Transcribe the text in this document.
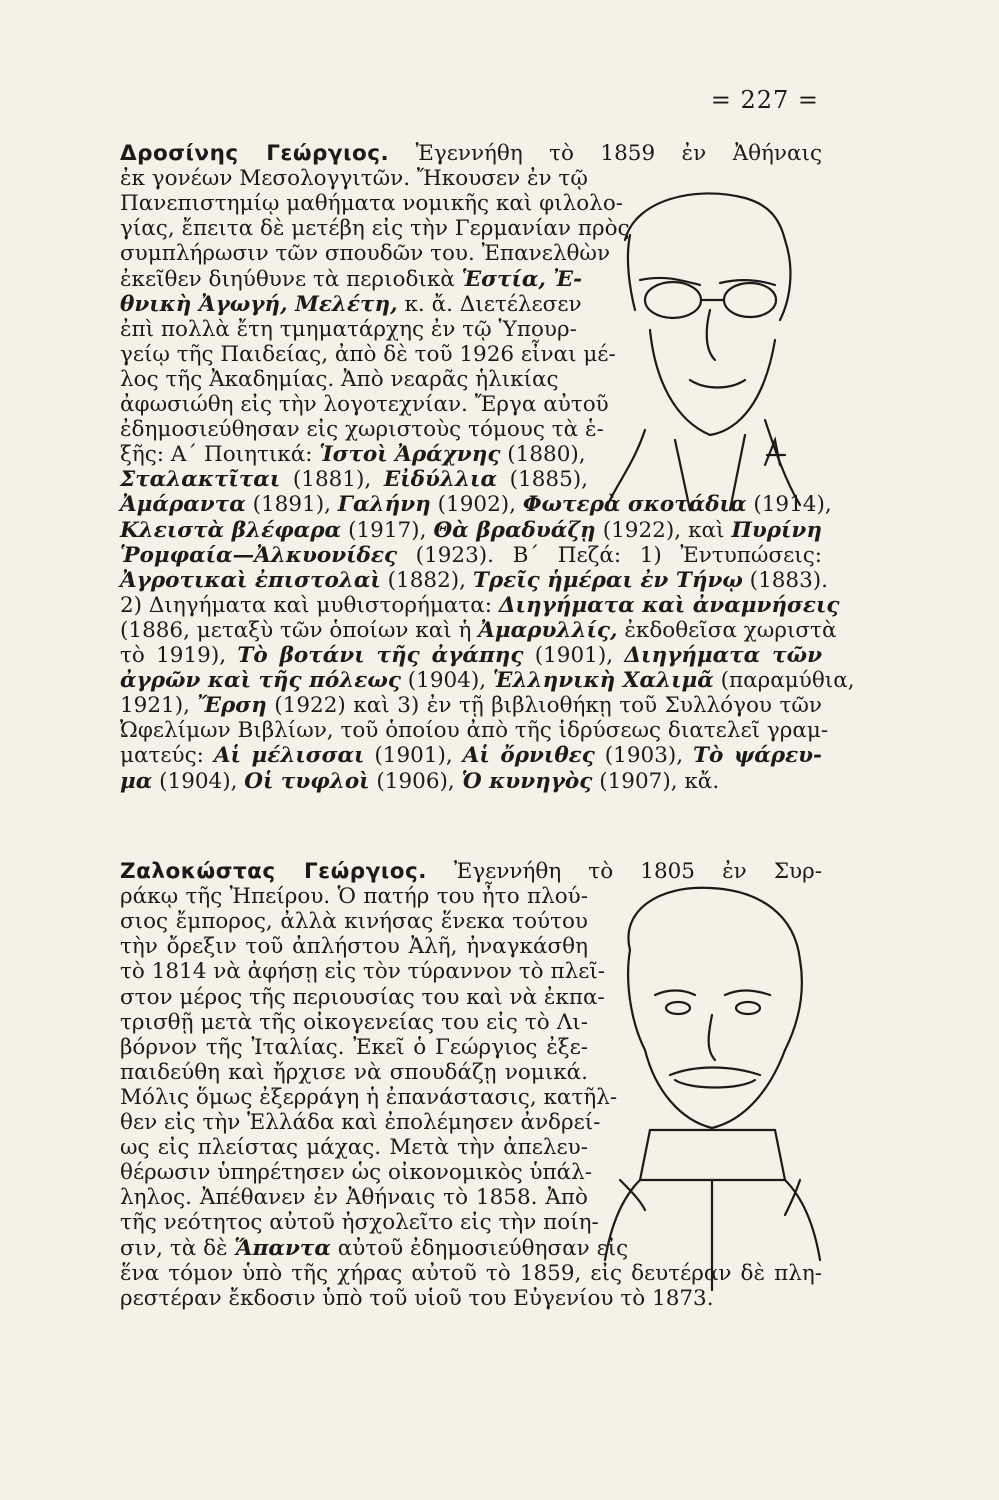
= 227 =
Δροσίνης Γεώργιος. Ἐγεννήθη τὸ 1859 ἐν Ἀθήναις
ἐκ γονέων Μεσολογγιτῶν. Ἤκουσεν ἐν τῷ
Πανεπιστημίῳ μαθήματα νομικῆς καὶ φιλολο-
γίας, ἔπειτα δὲ μετέβη εἰς τὴν Γερμανίαν πρὸς
συμπλήρωσιν τῶν σπουδῶν του. Ἐπανελθὼν
ἐκεῖθεν διηύθυνε τὰ περιοδικὰ Ἑστία, Ἐ-
θνικὴ Ἀγωγή, Μελέτη, κ. ἄ. Διετέλεσεν
ἐπὶ πολλὰ ἔτη τμηματάρχης ἐν τῷ Ὑπουρ-
γείῳ τῆς Παιδείας, ἀπὸ δὲ τοῦ 1926 εἶναι μέ-
λος τῆς Ἀκαδημίας. Ἀπὸ νεαρᾶς ἡλικίας
ἀφωσιώθη εἰς τὴν λογοτεχνίαν. Ἔργα αὐτοῦ
ἐδημοσιεύθησαν εἰς χωριστοὺς τόμους τὰ ἑ-
ξῆς: Α΄ Ποιητικά: Ἱστοὶ Ἀράχνης (1880),
Σταλακτῖται (1881), Εἰδύλλια (1885),
Ἀμάραντα (1891), Γαλήνη (1902), Φωτερὰ σκοτάδια (1914),
Κλειστὰ βλέφαρα (1917), Θὰ βραδυάζῃ (1922), καὶ Πυρίνη
Ῥομφαία—Ἀλκυονίδες (1923). Β΄ Πεζά: 1) Ἐντυπώσεις:
Ἀγροτικαὶ ἐπιστολαὶ (1882), Τρεῖς ἡμέραι ἐν Τήνῳ (1883).
2) Διηγήματα καὶ μυθιστορήματα: Διηγήματα καὶ ἀναμνήσεις
(1886, μεταξὺ τῶν ὁποίων καὶ ἡ Ἀμαρυλλίς, ἐκδοθεῖσα χωριστὰ
τὸ 1919), Τὸ βοτάνι τῆς ἀγάπης (1901), Διηγήματα τῶν
ἀγρῶν καὶ τῆς πόλεως (1904), Ἑλληνικὴ Χαλιμᾶ (παραμύθια,
1921), Ἔρση (1922) καὶ 3) ἐν τῇ βιβλιοθήκῃ τοῦ Συλλόγου τῶν
Ὠφελίμων Βιβλίων, τοῦ ὁποίου ἀπὸ τῆς ἱδρύσεως διατελεῖ γραμ-
ματεύς: Αἱ μέλισσαι (1901), Αἱ ὄρνιθες (1903), Τὸ ψάρευ-
μα (1904), Οἱ τυφλοὶ (1906), Ὁ κυνηγὸς (1907), κἄ.
Ζαλοκώστας Γεώργιος. Ἐγεννήθη τὸ 1805 ἐν Συρ-
ράκῳ τῆς Ἠπείρου. Ὁ πατήρ του ἦτο πλού-
σιος ἔμπορος, ἀλλὰ κινήσας ἕνεκα τούτου
τὴν ὄρεξιν τοῦ ἀπλήστου Ἀλῆ, ἠναγκάσθη
τὸ 1814 νὰ ἀφήσῃ εἰς τὸν τύραννον τὸ πλεῖ-
στον μέρος τῆς περιουσίας του καὶ νὰ ἐκπα-
τρισθῇ μετὰ τῆς οἰκογενείας του εἰς τὸ Λι-
βόρνον τῆς Ἰταλίας. Ἐκεῖ ὁ Γεώργιος ἐξε-
παιδεύθη καὶ ἤρχισε νὰ σπουδάζῃ νομικά.
Μόλις ὅμως ἐξερράγη ἡ ἐπανάστασις, κατῆλ-
θεν εἰς τὴν Ἑλλάδα καὶ ἐπολέμησεν ἀνδρεί-
ως εἰς πλείστας μάχας. Μετὰ τὴν ἀπελευ-
θέρωσιν ὑπηρέτησεν ὡς οἰκονομικὸς ὑπάλ-
ληλος. Ἀπέθανεν ἐν Ἀθήναις τὸ 1858. Ἀπὸ
τῆς νεότητος αὐτοῦ ἠσχολεῖτο εἰς τὴν ποίη-
σιν, τὰ δὲ Ἅπαντα αὐτοῦ ἐδημοσιεύθησαν εἰς
ἕνα τόμον ὑπὸ τῆς χήρας αὐτοῦ τὸ 1859, εἰς δευτέραν δὲ πλη-
ρεστέραν ἔκδοσιν ὑπὸ τοῦ υἱοῦ του Εὐγενίου τὸ 1873.
